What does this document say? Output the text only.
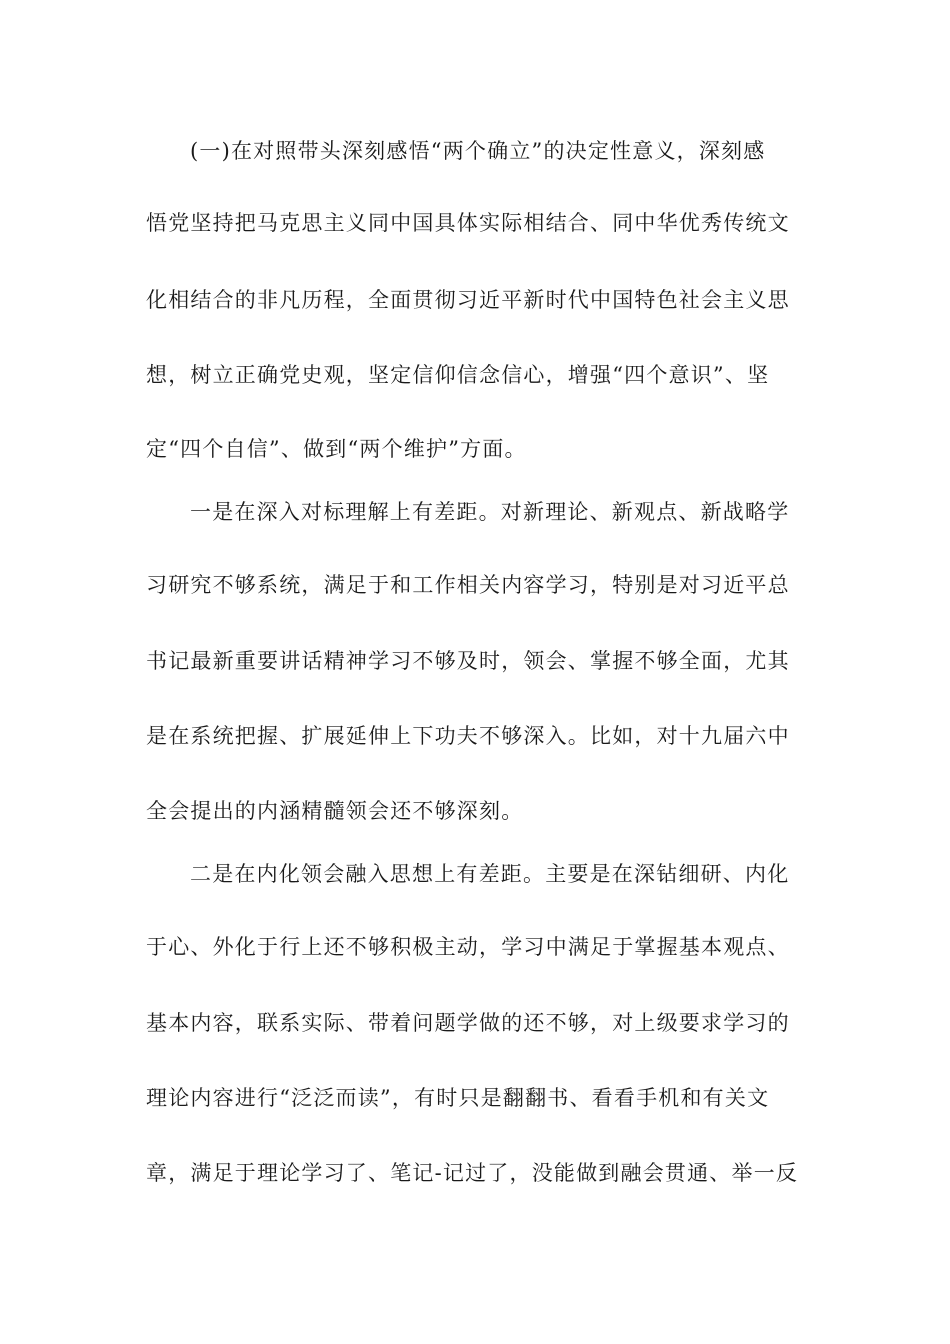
(一)在对照带头深刻感悟“两个确立”的决定性意义，深刻感
悟党坚持把马克思主义同中国具体实际相结合、同中华优秀传统文
化相结合的非凡历程，全面贯彻习近平新时代中国特色社会主义思
想，树立正确党史观，坚定信仰信念信心，增强“四个意识”、坚
定“四个自信”、做到“两个维护”方面。
一是在深入对标理解上有差距。对新理论、新观点、新战略学
习研究不够系统，满足于和工作相关内容学习，特别是对习近平总
书记最新重要讲话精神学习不够及时，领会、掌握不够全面，尤其
是在系统把握、扩展延伸上下功夫不够深入。比如，对十九届六中
全会提出的内涵精髓领会还不够深刻。
二是在内化领会融入思想上有差距。主要是在深钻细研、内化
于心、外化于行上还不够积极主动，学习中满足于掌握基本观点、
基本内容，联系实际、带着问题学做的还不够，对上级要求学习的
理论内容进行“泛泛而读”，有时只是翻翻书、看看手机和有关文
章，满足于理论学习了、笔记-记过了，没能做到融会贯通、举一反
